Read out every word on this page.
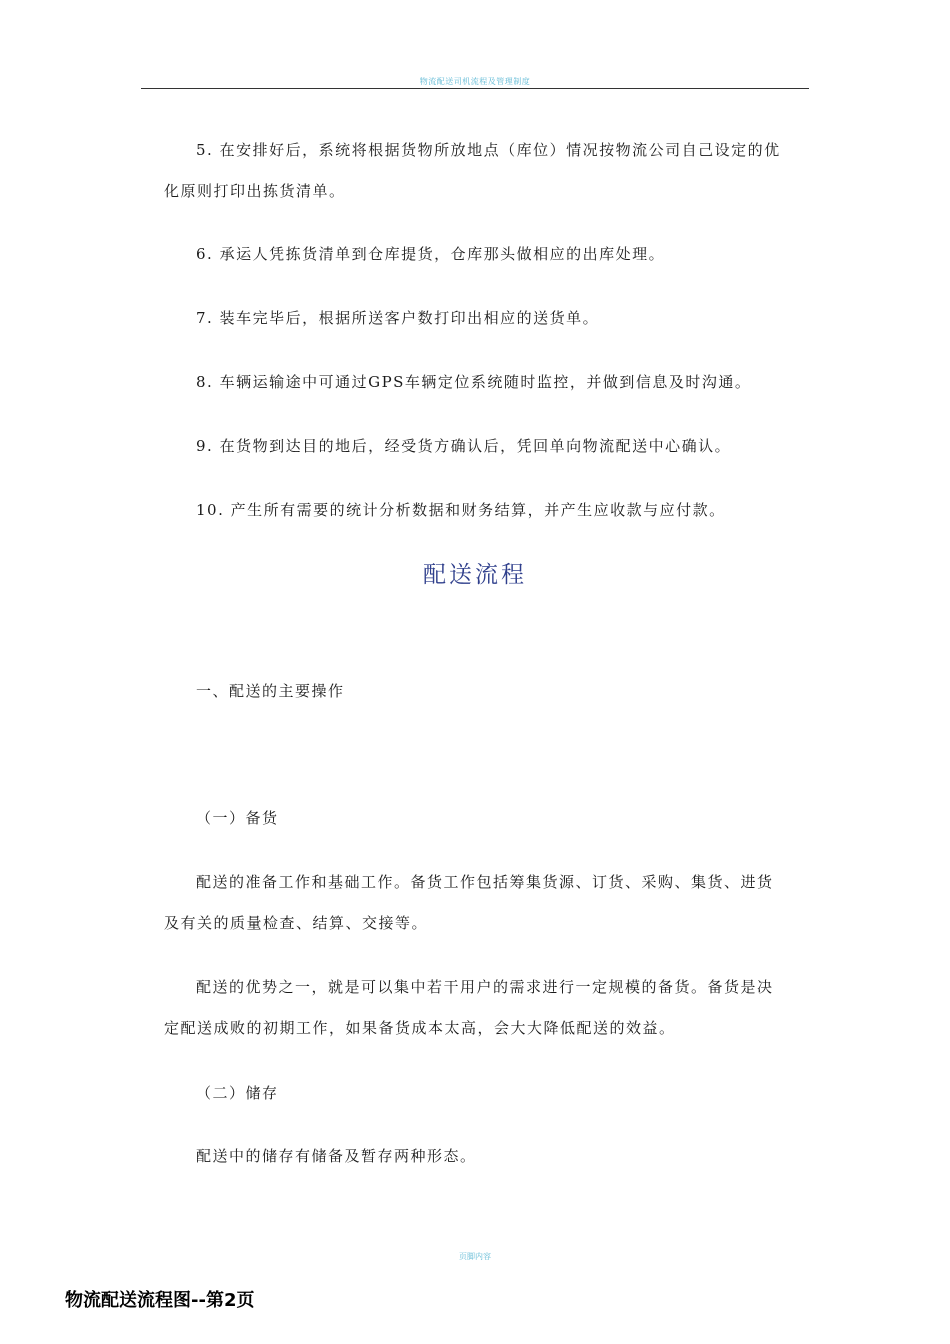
物流配送司机流程及管理制度
5. 在安排好后，系统将根据货物所放地点（库位）情况按物流公司自己设定的优
化原则打印出拣货清单。
6. 承运人凭拣货清单到仓库提货，仓库那头做相应的出库处理。
7. 装车完毕后，根据所送客户数打印出相应的送货单。
8. 车辆运输途中可通过GPS车辆定位系统随时监控，并做到信息及时沟通。
9. 在货物到达目的地后，经受货方确认后，凭回单向物流配送中心确认。
10. 产生所有需要的统计分析数据和财务结算，并产生应收款与应付款。
配送流程
一、配送的主要操作
（一）备货
配送的准备工作和基础工作。备货工作包括筹集货源、订货、采购、集货、进货
及有关的质量检查、结算、交接等。
配送的优势之一，就是可以集中若干用户的需求进行一定规模的备货。备货是决
定配送成败的初期工作，如果备货成本太高，会大大降低配送的效益。
（二）储存
配送中的储存有储备及暂存两种形态。
页脚内容
物流配送流程图--第2页
